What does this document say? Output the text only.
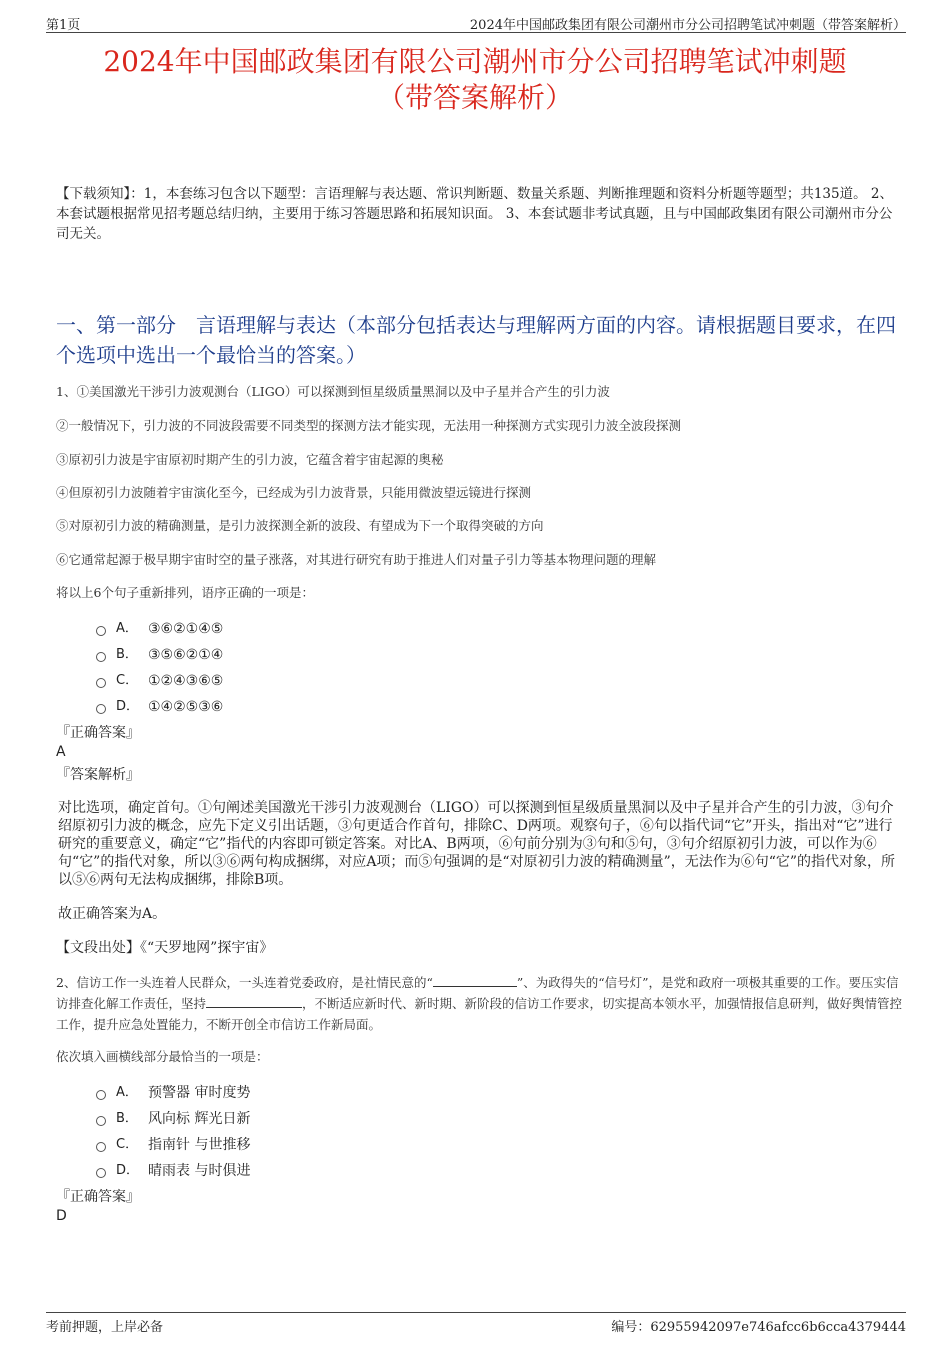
第1页	2024年中国邮政集团有限公司潮州市分公司招聘笔试冲刺题（带答案解析）
2024年中国邮政集团有限公司潮州市分公司招聘笔试冲刺题
（带答案解析）
【下载须知】：1，本套练习包含以下题型：言语理解与表达题、常识判断题、数量关系题、判断推理题和资料分析题等题型；共135道。 2、本套试题根据常见招考题总结归纳，主要用于练习答题思路和拓展知识面。 3、本套试题非考试真题，且与中国邮政集团有限公司潮州市分公司无关。
一、第一部分　言语理解与表达（本部分包括表达与理解两方面的内容。请根据题目要求，在四个选项中选出一个最恰当的答案。）
1、①美国激光干涉引力波观测台（LIGO）可以探测到恒星级质量黑洞以及中子星并合产生的引力波
②一般情况下，引力波的不同波段需要不同类型的探测方法才能实现，无法用一种探测方式实现引力波全波段探测
③原初引力波是宇宙原初时期产生的引力波，它蕴含着宇宙起源的奥秘
④但原初引力波随着宇宙演化至今，已经成为引力波背景，只能用微波望远镜进行探测
⑤对原初引力波的精确测量，是引力波探测全新的波段、有望成为下一个取得突破的方向
⑥它通常起源于极早期宇宙时空的量子涨落，对其进行研究有助于推进人们对量子引力等基本物理问题的理解
将以上6个句子重新排列，语序正确的一项是：
A． ③⑥②①④⑤
B． ③⑤⑥②①④
C． ①②④③⑥⑤
D． ①④②⑤③⑥
『正确答案』
A
『答案解析』
对比选项，确定首句。①句阐述美国激光干涉引力波观测台（LIGO）可以探测到恒星级质量黑洞以及中子星并合产生的引力波，③句介绍原初引力波的概念，应先下定义引出话题，③句更适合作首句，排除C、D两项。观察句子，⑥句以指代词“它”开头，指出对“它”进行研究的重要意义，确定“它”指代的内容即可锁定答案。对比A、B两项，⑥句前分别为③句和⑤句，③句介绍原初引力波，可以作为⑥句“它”的指代对象，所以③⑥两句构成捆绑，对应A项；而⑤句强调的是“对原初引力波的精确测量”，无法作为⑥句“它”的指代对象，所以⑤⑥两句无法构成捆绑，排除B项。
故正确答案为A。
【文段出处】《“天罗地网”探宇宙》
2、信访工作一头连着人民群众，一头连着党委政府，是社情民意的“	”、为政得失的“信号灯”，是党和政府一项极其重要的工作。要压实信访排查化解工作责任，坚持	，不断适应新时代、新时期、新阶段的信访工作要求，切实提高本领水平，加强情报信息研判，做好舆情管控工作，提升应急处置能力，不断开创全市信访工作新局面。
依次填入画横线部分最恰当的一项是：
A． 预警器 审时度势
B． 风向标 辉光日新
C． 指南针 与世推移
D． 晴雨表 与时俱进
『正确答案』
D
考前押题，上岸必备	编号：62955942097e746afcc6b6cca4379444
